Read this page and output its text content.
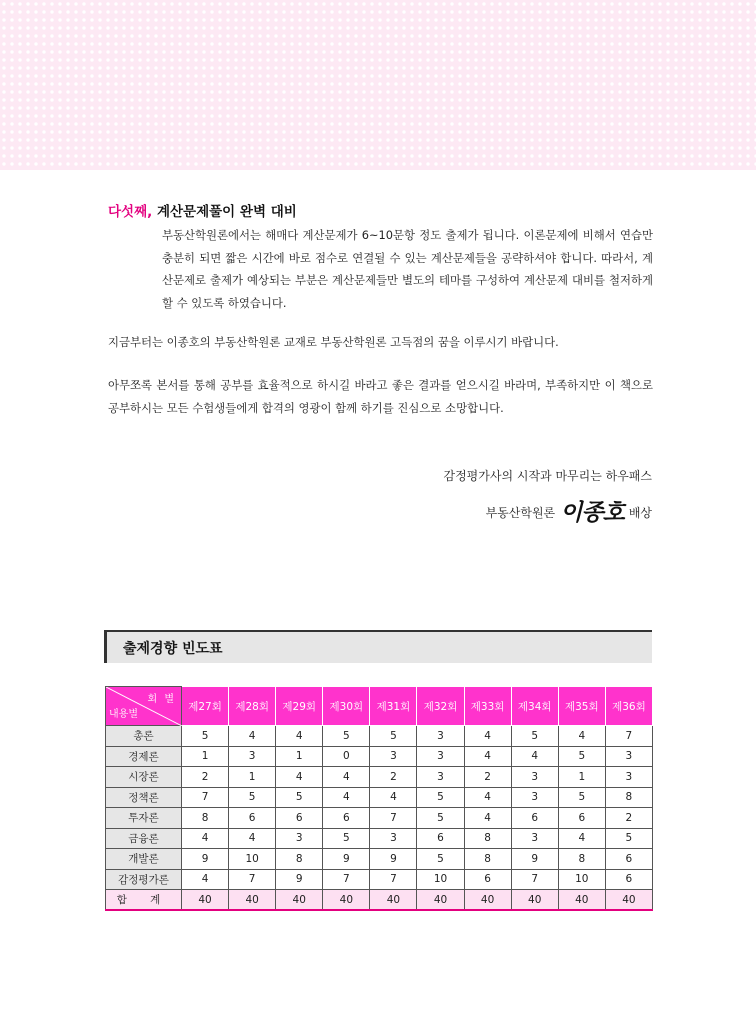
다섯째, 계산문제풀이 완벽 대비

부동산학원론에서는 해매다 계산문제가 6~10문항 정도 출제가 됩니다. 이론문제에 비해서 연습만 충분히 되면 짧은 시간에 바로 점수로 연결될 수 있는 계산문제들을 공략하셔야 합니다. 따라서, 계산문제로 출제가 예상되는 부분은 계산문제들만 별도의 테마를 구성하여 계산문제 대비를 철저하게 할 수 있도록 하였습니다.

지금부터는 이종호의 부동산학원론 교재로 부동산학원론 고득점의 꿈을 이루시기 바랍니다.

아무쪼록 본서를 통해 공부를 효율적으로 하시길 바라고 좋은 결과를 얻으시길 바라며, 부족하지만 이 책으로 공부하시는 모든 수험생들에게 합격의 영광이 함께 하기를 진심으로 소망합니다.

감정평가사의 시작과 마무리는 하우패스
부동산학원론 이종호 배상
출제경향 빈도표
회 별
내용별	제27회	제28회	제29회	제30회	제31회	제32회	제33회	제34회	제35회	제36회
총론	5	4	4	5	5	3	4	5	4	7
경제론	1	3	1	0	3	3	4	4	5	3
시장론	2	1	4	4	2	3	2	3	1	3
정책론	7	5	5	4	4	5	4	3	5	8
투자론	8	6	6	6	7	5	4	6	6	2
금융론	4	4	3	5	3	6	8	3	4	5
개발론	9	10	8	9	9	5	8	9	8	6
감정평가론	4	7	9	7	7	10	6	7	10	6
합 계	40	40	40	40	40	40	40	40	40	40
